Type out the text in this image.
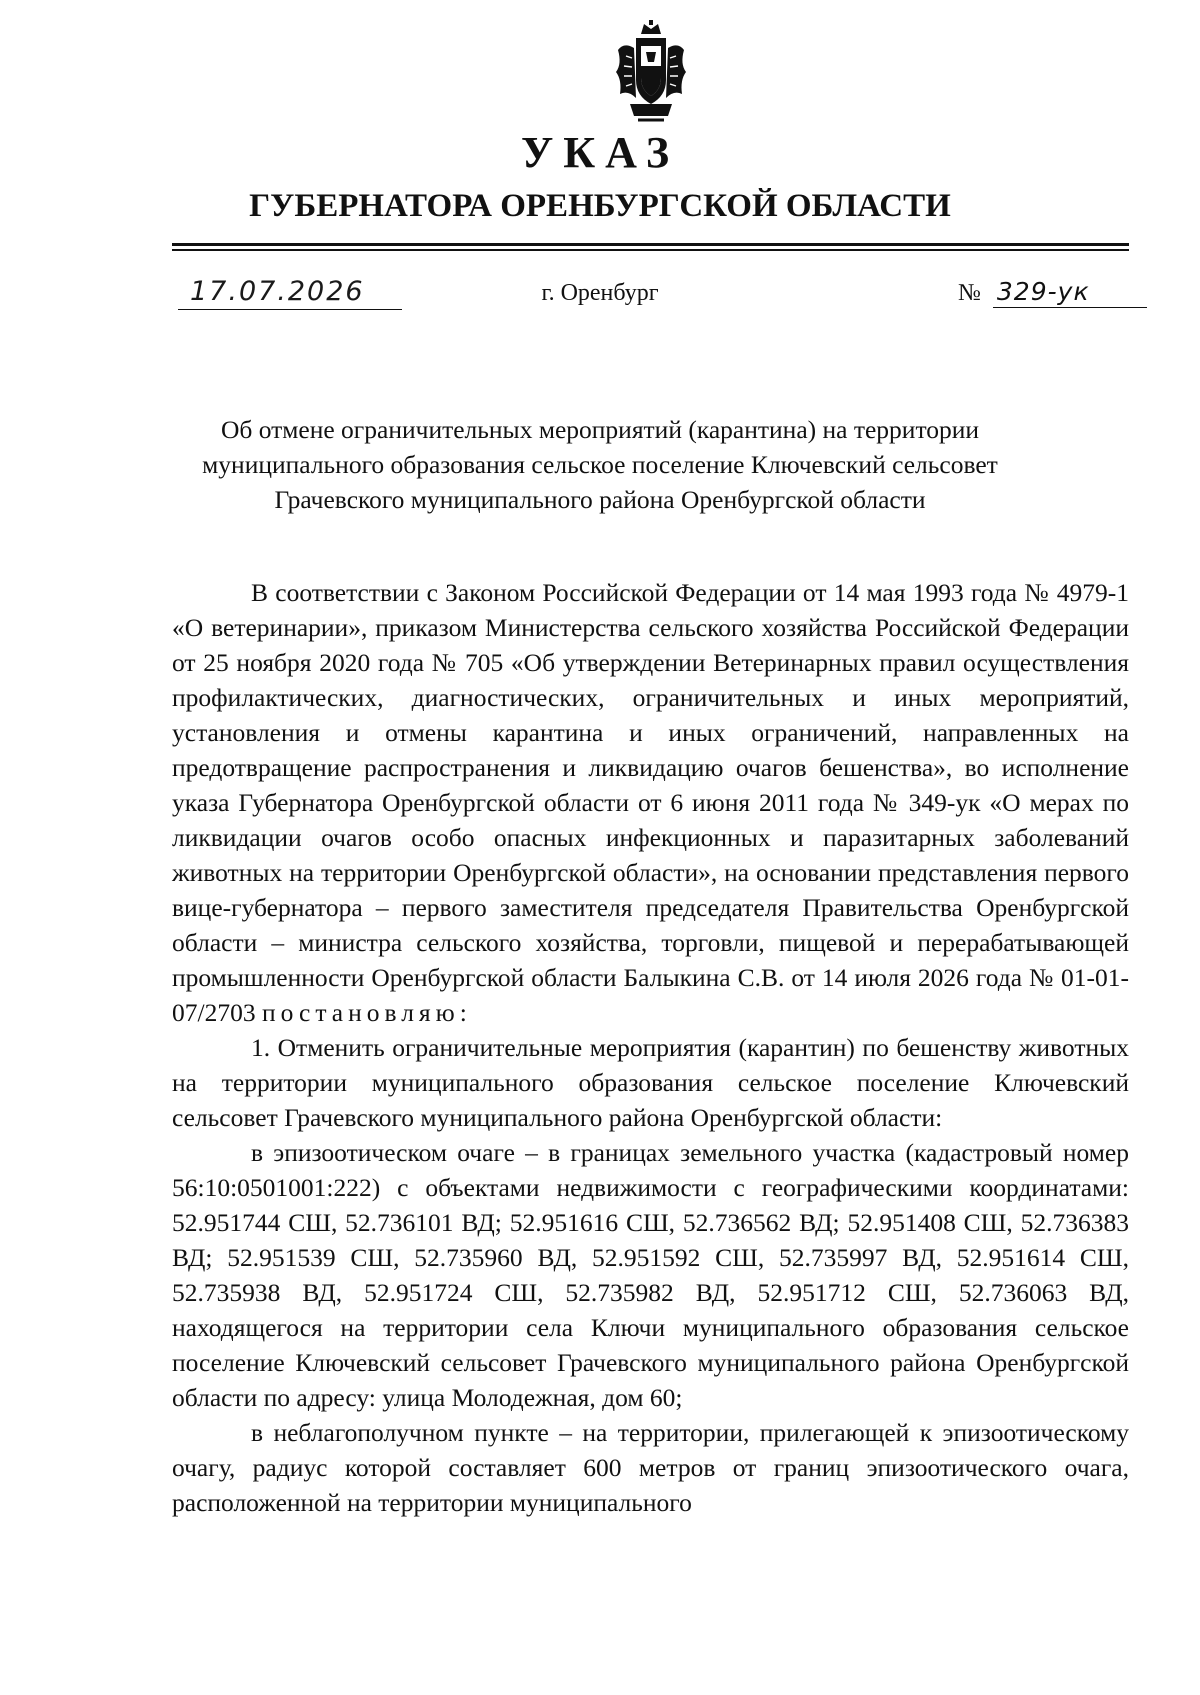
УКАЗ
ГУБЕРНАТОРА ОРЕНБУРГСКОЙ ОБЛАСТИ
17.07.2026	г. Оренбург	№ 329-ук
Об отмене ограничительных мероприятий (карантина) на территории
муниципального образования сельское поселение Ключевский сельсовет
Грачевского муниципального района Оренбургской области

В соответствии с Законом Российской Федерации от 14 мая 1993 года № 4979-1 «О ветеринарии», приказом Министерства сельского хозяйства Российской Федерации от 25 ноября 2020 года № 705 «Об утверждении Ветеринарных правил осуществления профилактических, диагностических, ограничительных и иных мероприятий, установления и отмены карантина и иных ограничений, направленных на предотвращение распространения и ликвидацию очагов бешенства», во исполнение указа Губернатора Оренбургской области от 6 июня 2011 года № 349-ук «О мерах по ликвидации очагов особо опасных инфекционных и паразитарных заболеваний животных на территории Оренбургской области», на основании представления первого вице-губернатора – первого заместителя председателя Правительства Оренбургской области – министра сельского хозяйства, торговли, пищевой и перерабатывающей промышленности Оренбургской области Балыкина С.В. от 14 июля 2026 года № 01-01-07/2703 постановляю:

1. Отменить ограничительные мероприятия (карантин) по бешенству животных на территории муниципального образования сельское поселение Ключевский сельсовет Грачевского муниципального района Оренбургской области:

в эпизоотическом очаге – в границах земельного участка (кадастровый номер 56:10:0501001:222) с объектами недвижимости с географическими координатами: 52.951744 СШ, 52.736101 ВД; 52.951616 СШ, 52.736562 ВД; 52.951408 СШ, 52.736383 ВД; 52.951539 СШ, 52.735960 ВД, 52.951592 СШ, 52.735997 ВД, 52.951614 СШ, 52.735938 ВД, 52.951724 СШ, 52.735982 ВД, 52.951712 СШ, 52.736063 ВД, находящегося на территории села Ключи муниципального образования сельское поселение Ключевский сельсовет Грачевского муниципального района Оренбургской области по адресу: улица Молодежная, дом 60;

в неблагополучном пункте – на территории, прилегающей к эпизоотическому очагу, радиус которой составляет 600 метров от границ эпизоотического очага, расположенной на территории муниципального
